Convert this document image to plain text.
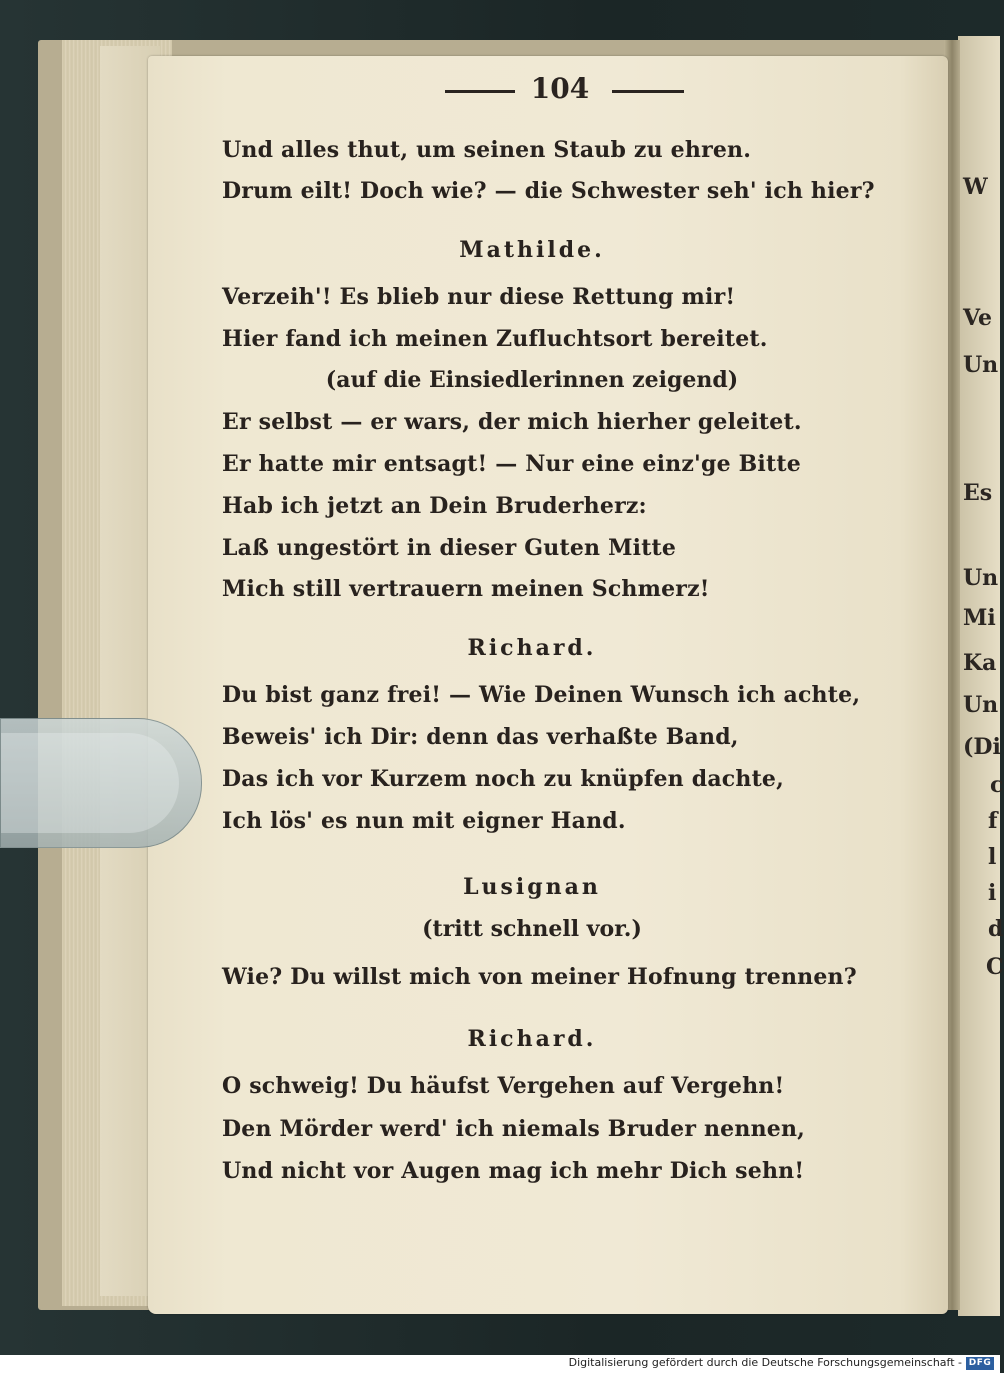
W
Ve
Un
Es
Un
Mi
Ka
Un
(Di
c
f
l
i
d
C
104
Und alles thut, um seinen Staub zu ehren.
Drum eilt! Doch wie? — die Schwester seh' ich hier?
Mathilde.
Verzeih'! Es blieb nur diese Rettung mir!
Hier fand ich meinen Zufluchtsort bereitet.
(auf die Einsiedlerinnen zeigend)
Er selbst — er wars, der mich hierher geleitet.
Er hatte mir entsagt! — Nur eine einz'ge Bitte
Hab ich jetzt an Dein Bruderherz:
Laß ungestört in dieser Guten Mitte
Mich still vertrauern meinen Schmerz!
Richard.
Du bist ganz frei! — Wie Deinen Wunsch ich achte,
Beweis' ich Dir: denn das verhaßte Band,
Das ich vor Kurzem noch zu knüpfen dachte,
Ich lös' es nun mit eigner Hand.
Lusignan
(tritt schnell vor.)
Wie? Du willst mich von meiner Hofnung trennen?
Richard.
O schweig! Du häufst Vergehen auf Vergehn!
Den Mörder werd' ich niemals Bruder nennen,
Und nicht vor Augen mag ich mehr Dich sehn!
Digitalisierung gefördert durch die Deutsche Forschungsgemeinschaft - DFG
